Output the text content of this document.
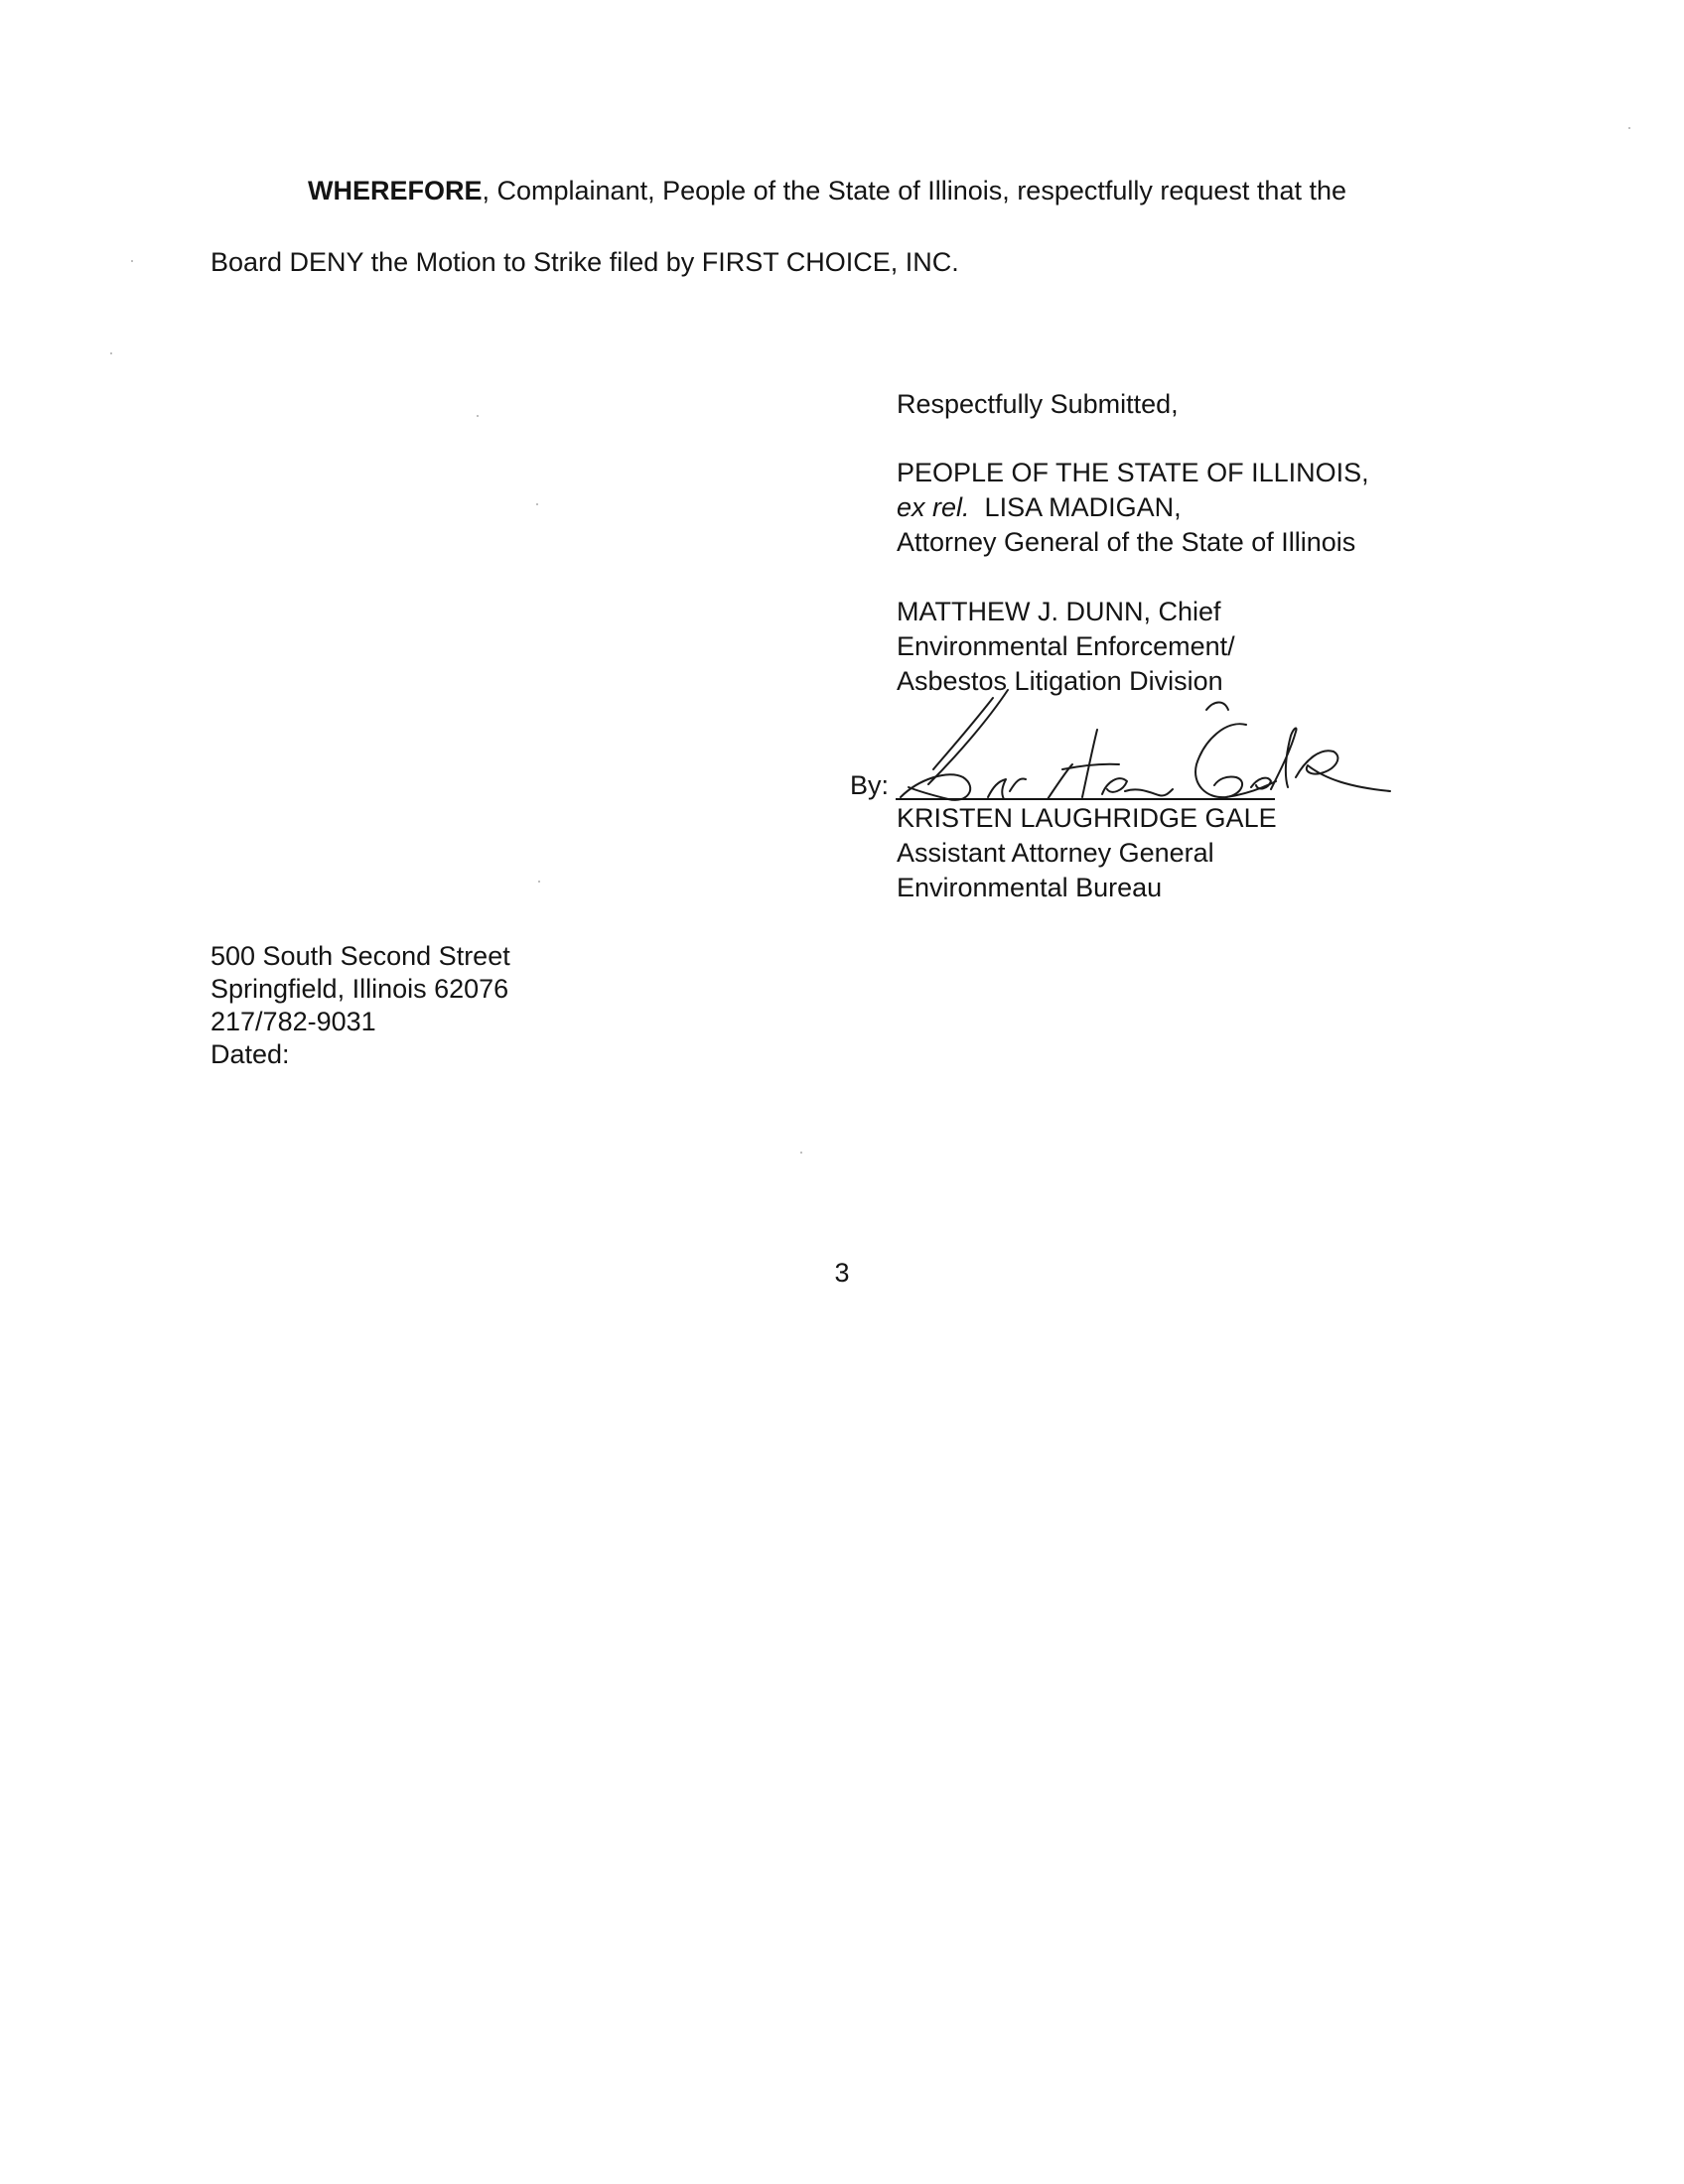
WHEREFORE, Complainant, People of the State of Illinois, respectfully request that the
Board DENY the Motion to Strike filed by FIRST CHOICE, INC.
Respectfully Submitted,
PEOPLE OF THE STATE OF ILLINOIS,
ex rel. LISA MADIGAN,
Attorney General of the State of Illinois
MATTHEW J. DUNN, Chief
Environmental Enforcement/
Asbestos Litigation Division
By:
KRISTEN LAUGHRIDGE GALE
Assistant Attorney General
Environmental Bureau
500 South Second Street
Springfield, Illinois 62076
217/782-9031
Dated:
3
